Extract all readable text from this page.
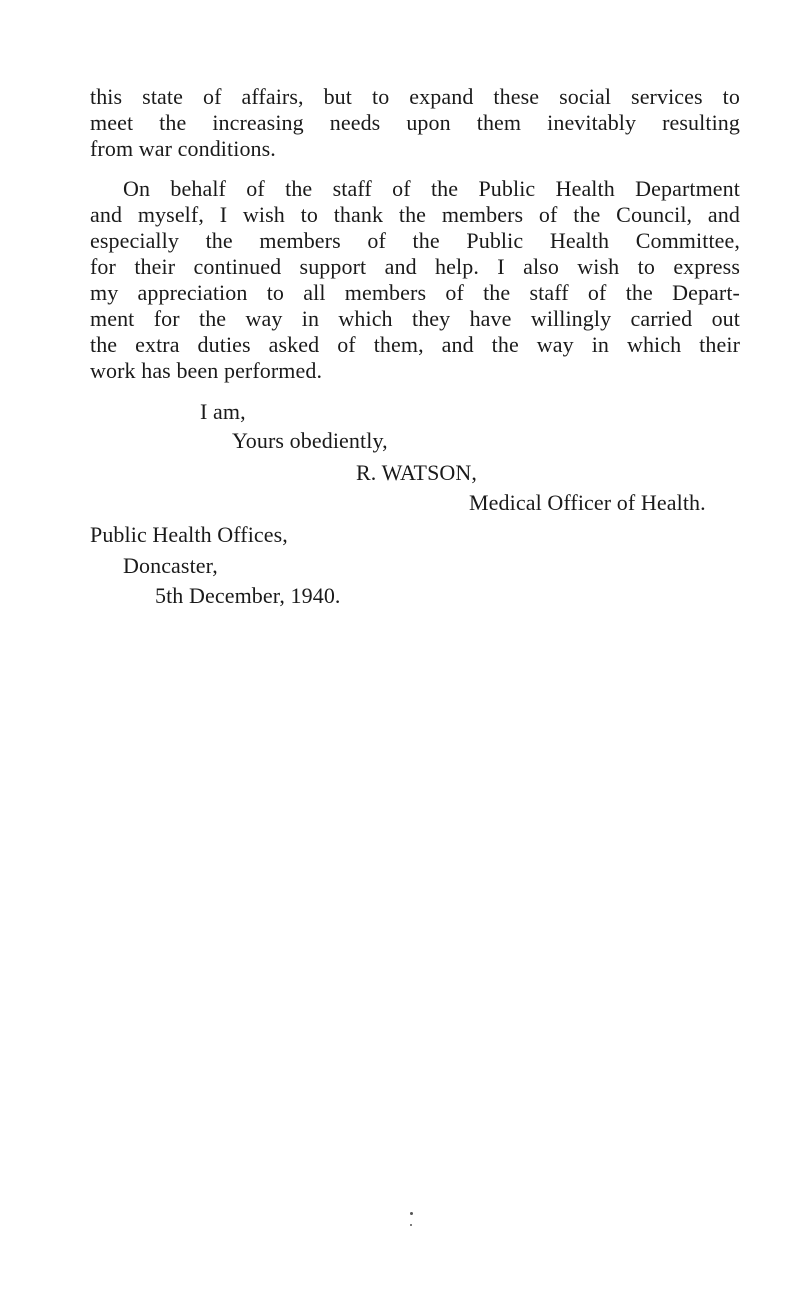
this state of affairs, but to expand these social services to
meet the increasing needs upon them inevitably resulting
from war conditions.
On behalf of the staff of the Public Health Department
and myself, I wish to thank the members of the Council, and
especially the members of the Public Health Committee,
for their continued support and help. I also wish to express
my appreciation to all members of the staff of the Depart-
ment for the way in which they have willingly carried out
the extra duties asked of them, and the way in which their
work has been performed.
I am,
Yours obediently,
R. WATSON,
Medical Officer of Health.
Public Health Offices,
Doncaster,
5th December, 1940.
